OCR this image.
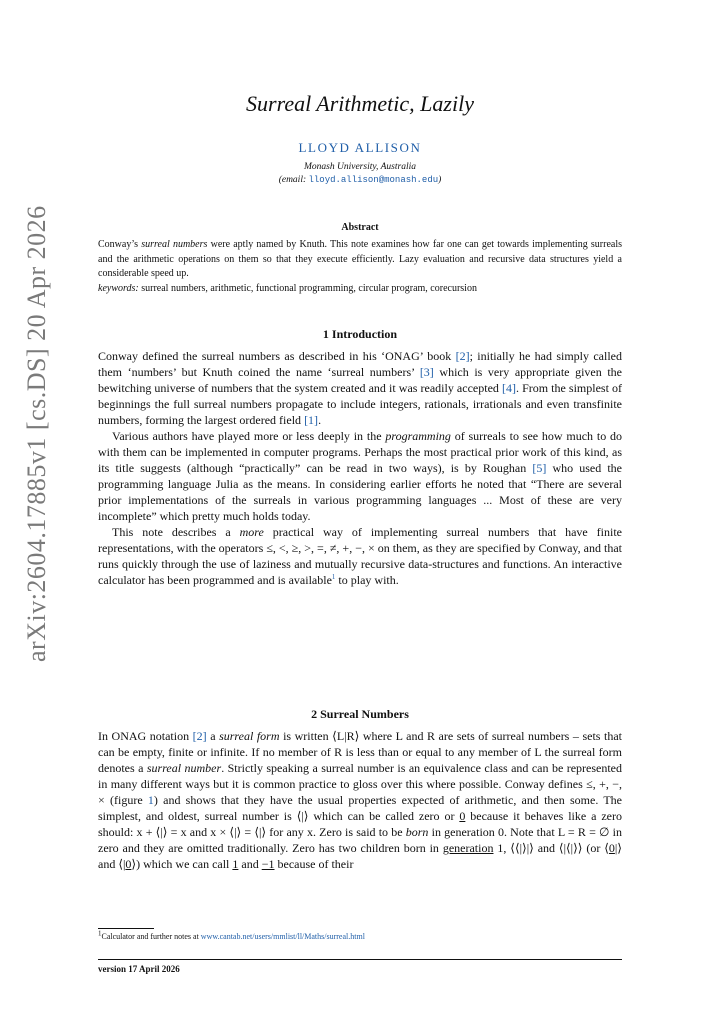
arXiv:2604.17885v1 [cs.DS] 20 Apr 2026
Surreal Arithmetic, Lazily
LLOYD ALLISON
Monash University, Australia
(email: lloyd.allison@monash.edu)
Abstract
Conway’s surreal numbers were aptly named by Knuth. This note examines how far one can get towards implementing surreals and the arithmetic operations on them so that they execute efficiently. Lazy evaluation and recursive data structures yield a considerable speed up.
keywords: surreal numbers, arithmetic, functional programming, circular program, corecursion
1 Introduction

Conway defined the surreal numbers as described in his ‘ONAG’ book [2]; initially he had simply called them ‘numbers’ but Knuth coined the name ‘surreal numbers’ [3] which is very appropriate given the bewitching universe of numbers that the system created and it was readily accepted [4]. From the simplest of beginnings the full surreal numbers propagate to include integers, rationals, irrationals and even transfinite numbers, forming the largest ordered field [1].

Various authors have played more or less deeply in the programming of surreals to see how much to do with them can be implemented in computer programs. Perhaps the most practical prior work of this kind, as its title suggests (although “practically” can be read in two ways), is by Roughan [5] who used the programming language Julia as the means. In considering earlier efforts he noted that “There are several prior implementations of the surreals in various programming languages ... Most of these are very incomplete” which pretty much holds today.

This note describes a more practical way of implementing surreal numbers that have finite representations, with the operators ≤, <, ≥, >, =, ≠, +, −, × on them, as they are specified by Conway, and that runs quickly through the use of laziness and mutually recursive data-structures and functions. An interactive calculator has been programmed and is available$^1$ to play with.

2 Surreal Numbers

In ONAG notation [2] a surreal form is written ⟨L|R⟩ where L and R are sets of surreal numbers – sets that can be empty, finite or infinite. If no member of R is less than or equal to any member of L the surreal form denotes a surreal number. Strictly speaking a surreal number is an equivalence class and can be represented in many different ways but it is common practice to gloss over this where possible. Conway defines ≤, +, −, × (figure 1) and shows that they have the usual properties expected of arithmetic, and then some. The simplest, and oldest, surreal number is ⟨|⟩ which can be called zero or 0 because it behaves like a zero should: x + ⟨|⟩ = x and x × ⟨|⟩ = ⟨|⟩ for any x. Zero is said to be born in generation 0. Note that L = R = ∅ in zero and they are omitted traditionally. Zero has two children born in generation 1, ⟨⟨|⟩|⟩ and ⟨|⟨|⟩⟩ (or ⟨0|⟩ and ⟨|0⟩) which we can call 1 and −1 because of their

$^1$Calculator and further notes at www.cantab.net/users/mmlist/ll/Maths/surreal.html
version 17 April 2026
